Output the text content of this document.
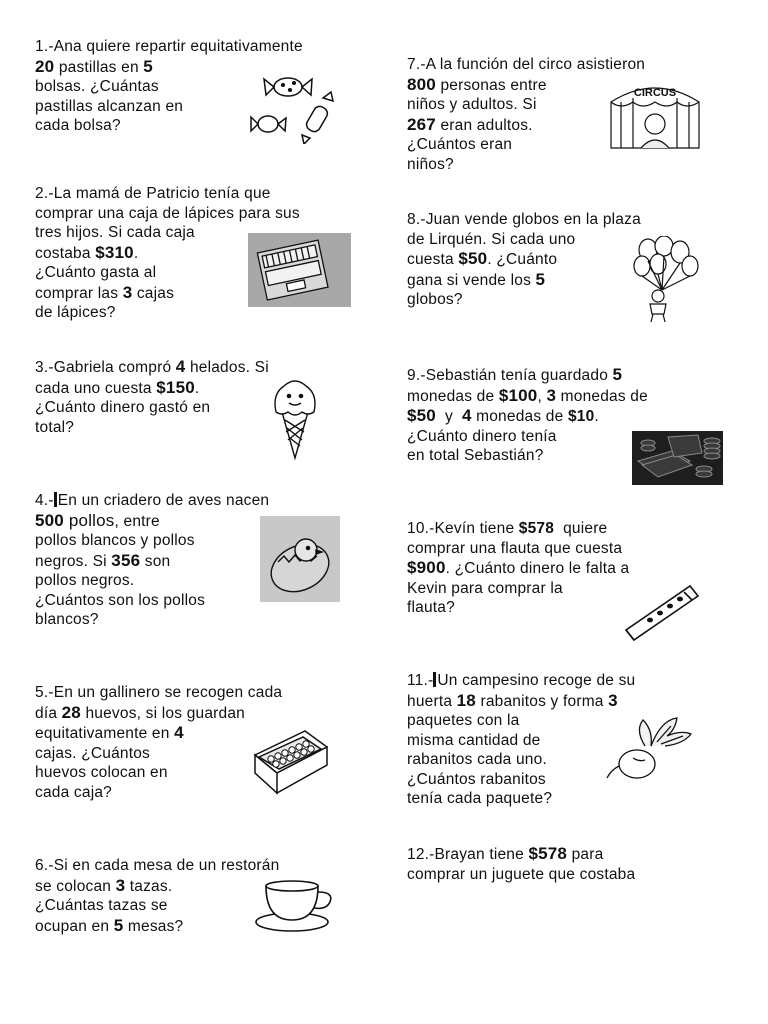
1.-Ana quiere repartir equitativamente
20 pastillas en 5
bolsas. ¿Cuántas
pastillas alcanzan en
cada bolsa?
2.-La mamá de Patricio tenía que
comprar una caja de lápices para sus
tres hijos. Si cada caja
costaba $310.
¿Cuánto gasta al
comprar las 3 cajas
de lápices?
3.-Gabriela compró 4 helados. Si
cada uno cuesta $150.
¿Cuánto dinero gastó en
total?
4.- En un criadero de aves nacen
500 pollos, entre
pollos blancos y pollos
negros. Si 356 son
pollos negros.
¿Cuántos son los pollos
blancos?
5.-En un gallinero se recogen cada
día 28 huevos, si los guardan
equitativamente en 4
cajas. ¿Cuántos
huevos colocan en
cada caja?
6.-Si en cada mesa de un restorán
se colocan 3 tazas.
¿Cuántas tazas se
ocupan en 5 mesas?
7.-A la función del circo asistieron
800 personas entre
niños y adultos. Si
267 eran adultos.
¿Cuántos eran
niños?
CIRCUS
8.-Juan vende globos en la plaza
de Lirquén. Si cada uno
cuesta $50. ¿Cuánto
gana si vende los 5
globos?
9.-Sebastián tenía guardado 5
monedas de $100, 3 monedas de
$50  y  4 monedas de $10.
¿Cuánto dinero tenía
en total Sebastián?
10.-Kevín tiene $578  quiere
comprar una flauta que cuesta
$900. ¿Cuánto dinero le falta a
Kevin para comprar la
flauta?
11.- Un campesino recoge de su
huerta 18 rabanitos y forma 3
paquetes con la
misma cantidad de
rabanitos cada uno.
¿Cuántos rabanitos
tenía cada paquete?
12.-Brayan tiene $578 para
comprar un juguete que costaba
